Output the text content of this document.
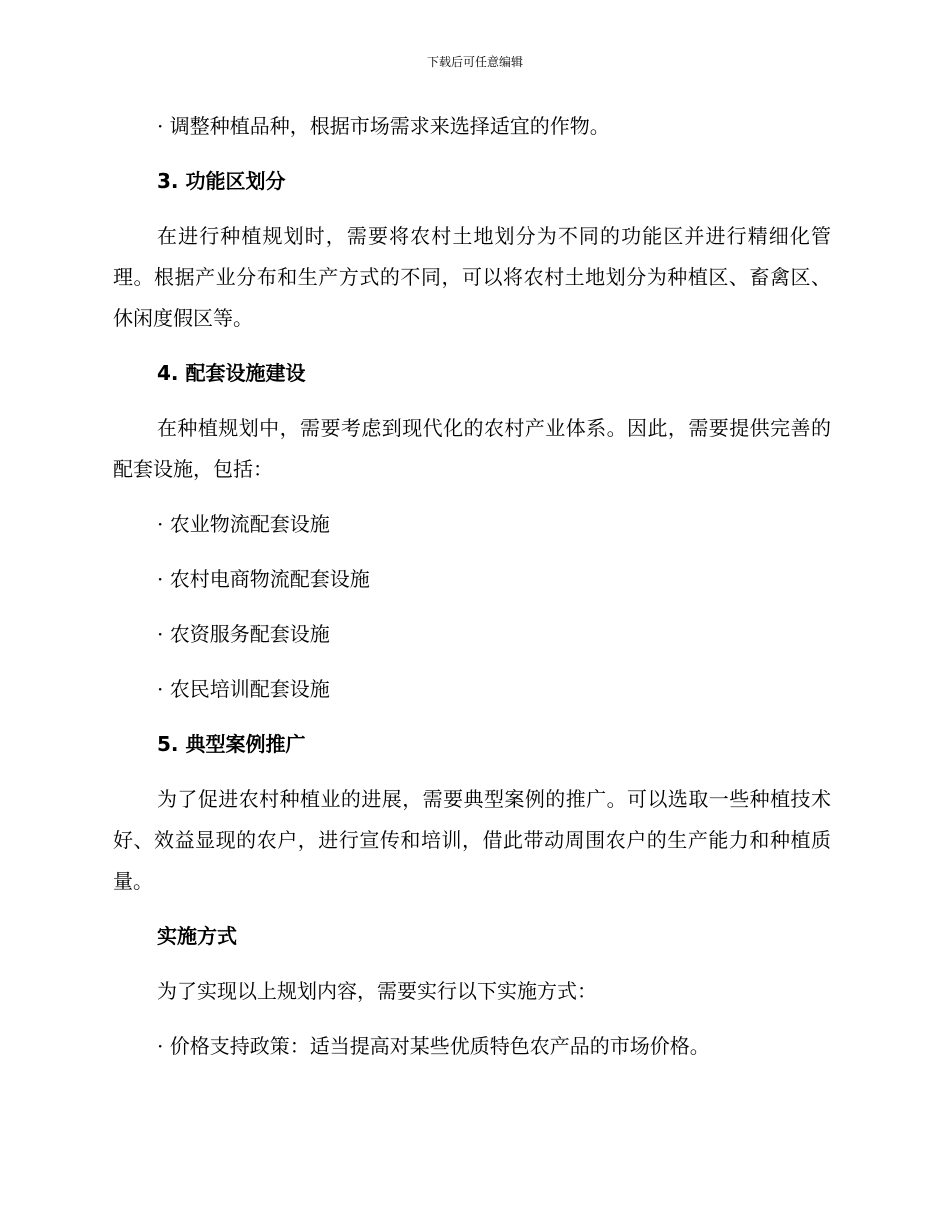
下载后可任意编辑

· 调整种植品种，根据市场需求来选择适宜的作物。

3. 功能区划分

在进行种植规划时，需要将农村土地划分为不同的功能区并进行精细化管理。根据产业分布和生产方式的不同，可以将农村土地划分为种植区、畜禽区、休闲度假区等。

4. 配套设施建设

在种植规划中，需要考虑到现代化的农村产业体系。因此，需要提供完善的配套设施，包括：

· 农业物流配套设施

· 农村电商物流配套设施

· 农资服务配套设施

· 农民培训配套设施

5. 典型案例推广

为了促进农村种植业的进展，需要典型案例的推广。可以选取一些种植技术好、效益显现的农户，进行宣传和培训，借此带动周围农户的生产能力和种植质量。

实施方式

为了实现以上规划内容，需要实行以下实施方式：

· 价格支持政策：适当提高对某些优质特色农产品的市场价格。
